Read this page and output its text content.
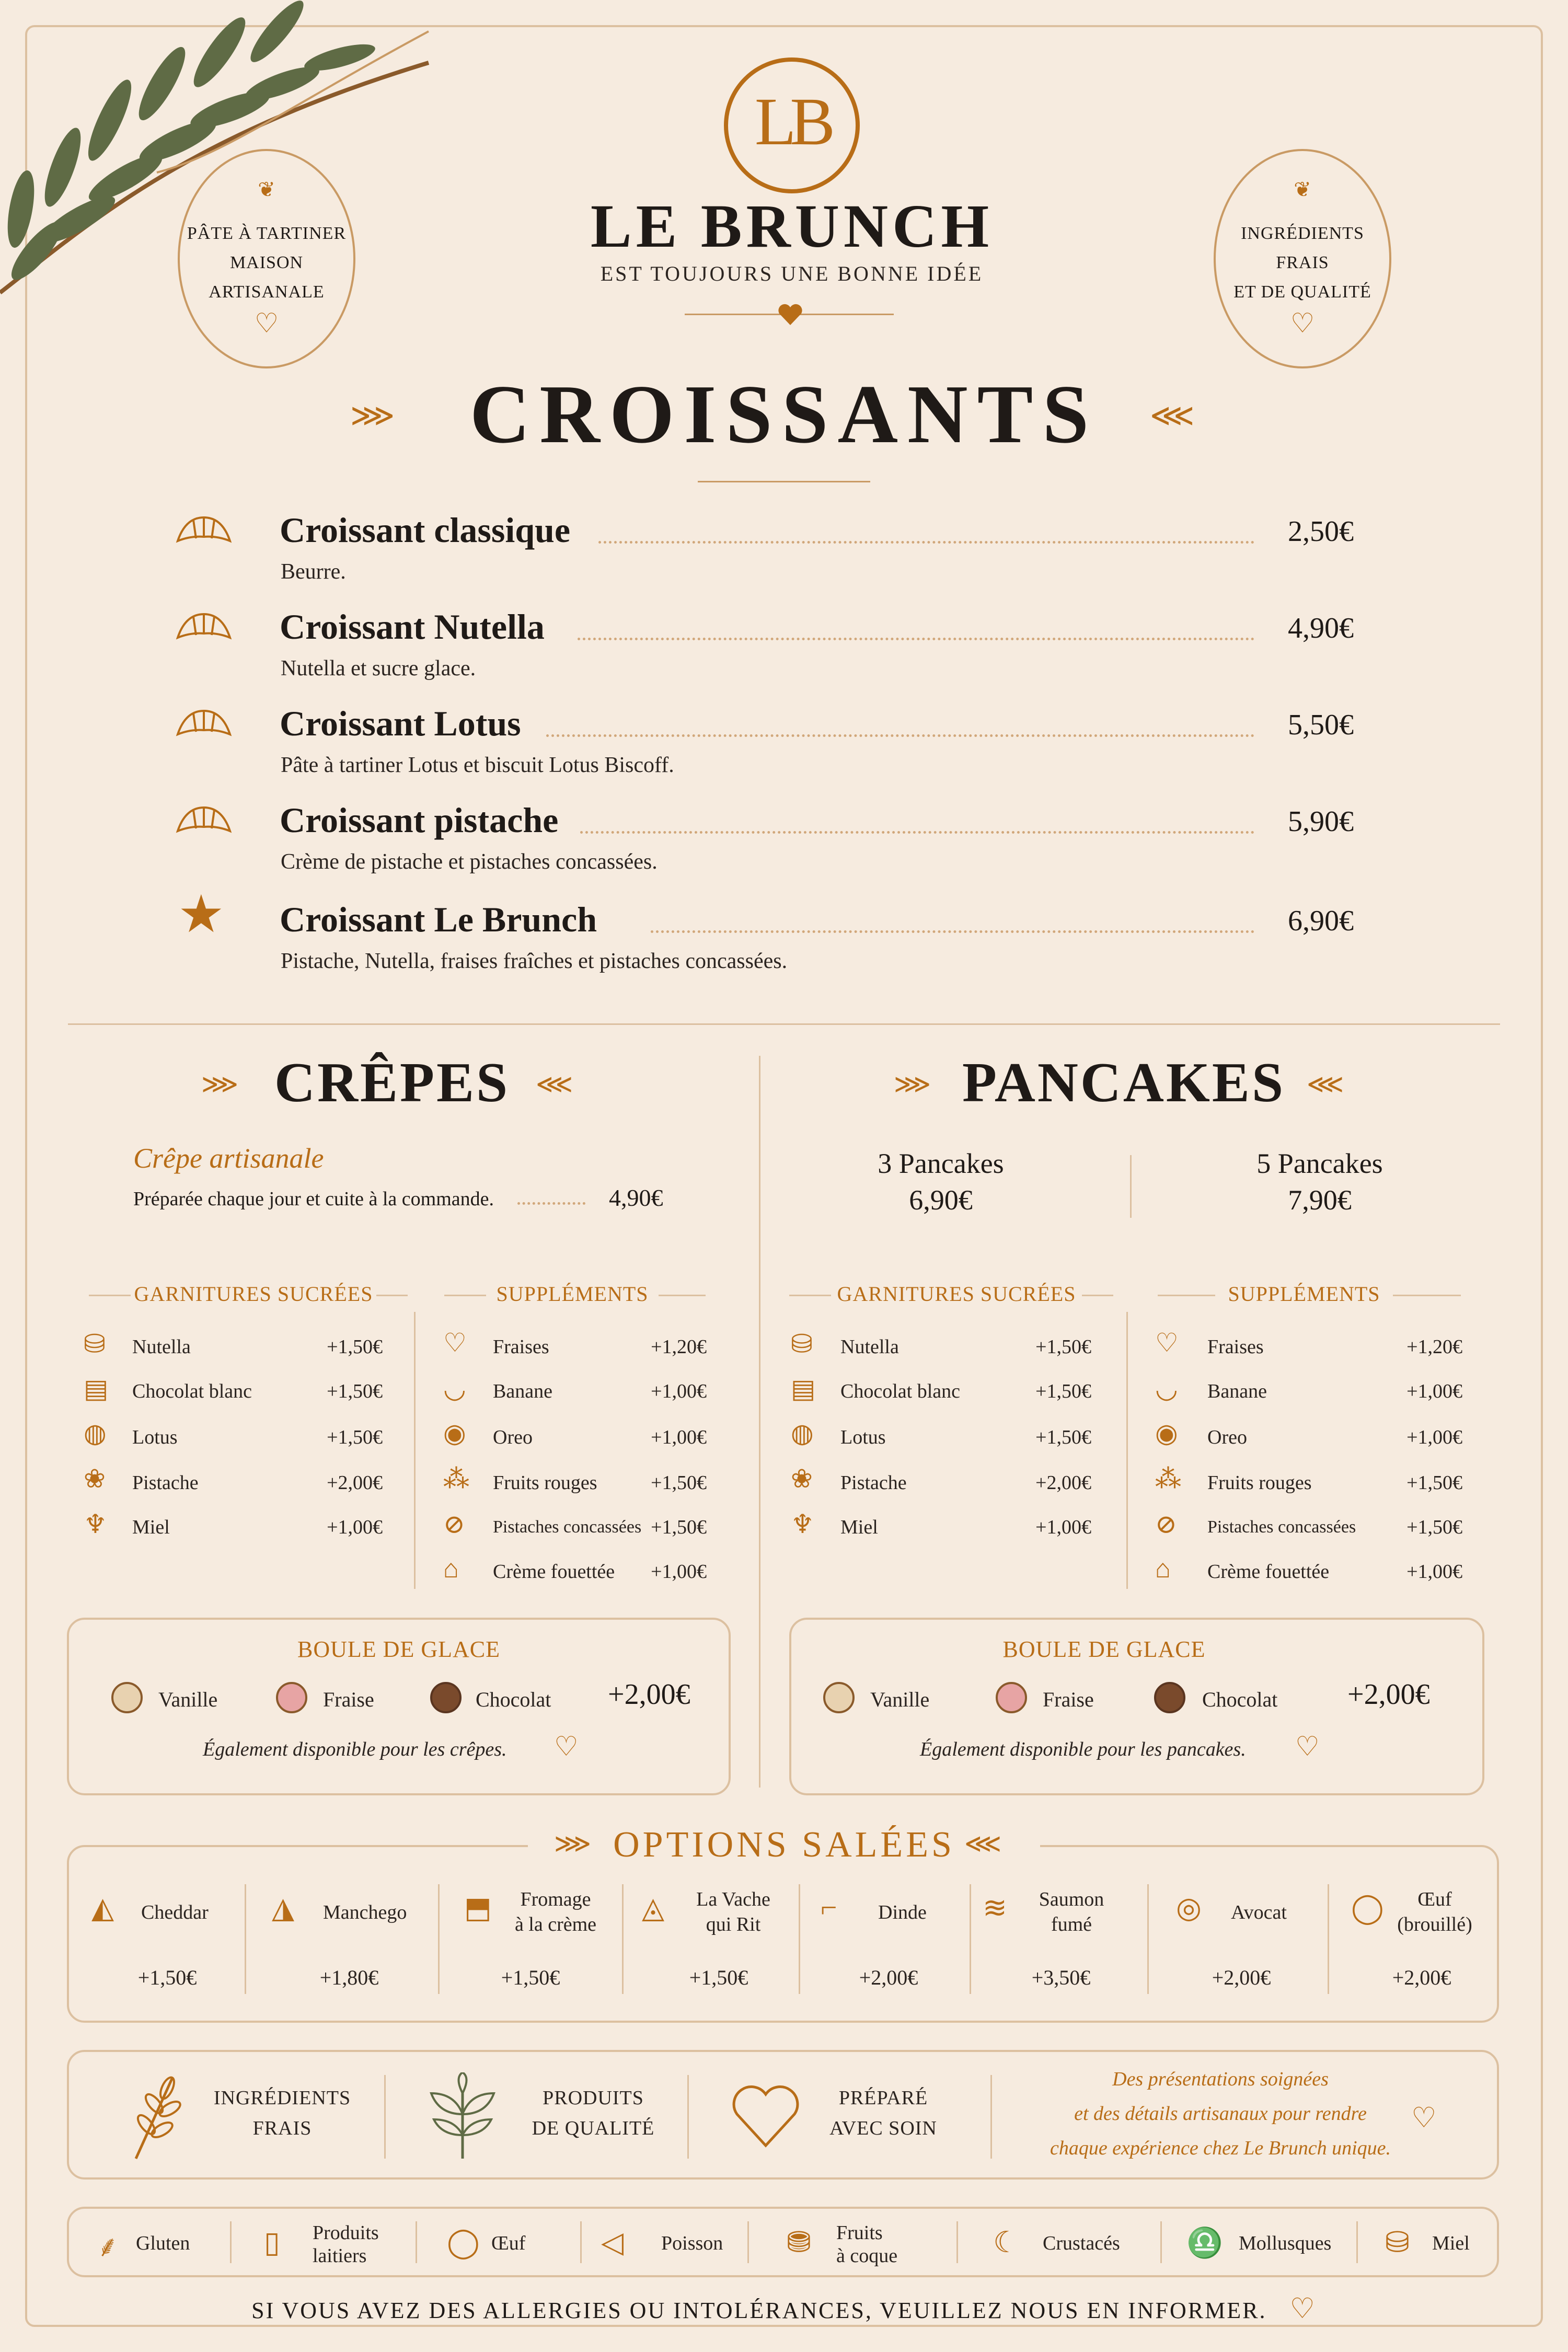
LB
LE BRUNCH
EST TOUJOURS UNE BONNE IDÉE
❦
PÂTE À TARTINER
MAISON
ARTISANALE
♡
❦
INGRÉDIENTS
FRAIS
ET DE QUALITÉ
♡
⋙ CROISSANTS	⋘
Croissant classique	2,50€
Beurre.
Croissant Nutella	4,90€
Nutella et sucre glace.
Croissant Lotus	5,50€
Pâte à tartiner Lotus et biscuit Lotus Biscoff.
Croissant pistache	5,90€
Crème de pistache et pistaches concassées.
★ Croissant Le Brunch	6,90€
Pistache, Nutella, fraises fraîches et pistaches concassées.
⋙ CRÊPES ⋘
Crêpe artisanale
Préparée chaque jour et cuite à la commande.	4,90€
GARNITURES SUCRÉES	SUPPLÉMENTS
⛁ Nutella	+1,50€
▤ Chocolat blanc	+1,50€
◍ Lotus	+1,50€
❀ Pistache	+2,00€
♆ Miel	+1,00€
♡ Fraises	+1,20€
◡ Banane	+1,00€
◉ Oreo	+1,00€
⁂ Fruits rouges	+1,50€
⊘ Pistaches concassées +1,50€
⌂ Crème fouettée	+1,00€
BOULE DE GLACE
Vanille	Fraise	Chocolat +2,00€
Également disponible pour les crêpes. ♡
⋙ PANCAKES ⋘
3 Pancakes
6,90€
5 Pancakes
7,90€
GARNITURES SUCRÉES	SUPPLÉMENTS
⛁ Nutella	+1,50€
▤ Chocolat blanc	+1,50€
◍ Lotus	+1,50€
❀ Pistache	+2,00€
♆ Miel	+1,00€
♡ Fraises	+1,20€
◡ Banane	+1,00€
◉ Oreo	+1,00€
⁂ Fruits rouges	+1,50€
⊘ Pistaches concassées	+1,50€
⌂ Crème fouettée	+1,00€
BOULE DE GLACE
Vanille	Fraise	Chocolat +2,00€
Également disponible pour les pancakes. ♡
⋙ OPTIONS SALÉES ⋘
◭ Cheddar
+1,50€
◮ Manchego
+1,80€
⬒	Fromage
à la crème
+1,50€
◬	La Vache
qui Rit
+1,50€
⌐ Dinde
+2,00€
≋ Saumon
fumé
+3,50€
◎ Avocat
+2,00€
◯	Œuf
(brouillé)
+2,00€
INGRÉDIENTS
FRAIS
PRODUITS
DE QUALITÉ
PRÉPARÉ
AVEC SOIN
Des présentations soignées
et des détails artisanaux pour rendre
chaque expérience chez Le Brunch unique.
♡
⸙ Gluten	▯ Produits
laitiers	◯ Œuf	◁ Poisson ⛃ Fruits
à coque	☾ Crustacés ♎ Mollusques ⛁ Miel
SI VOUS AVEZ DES ALLERGIES OU INTOLÉRANCES, VEUILLEZ NOUS EN INFORMER. ♡
